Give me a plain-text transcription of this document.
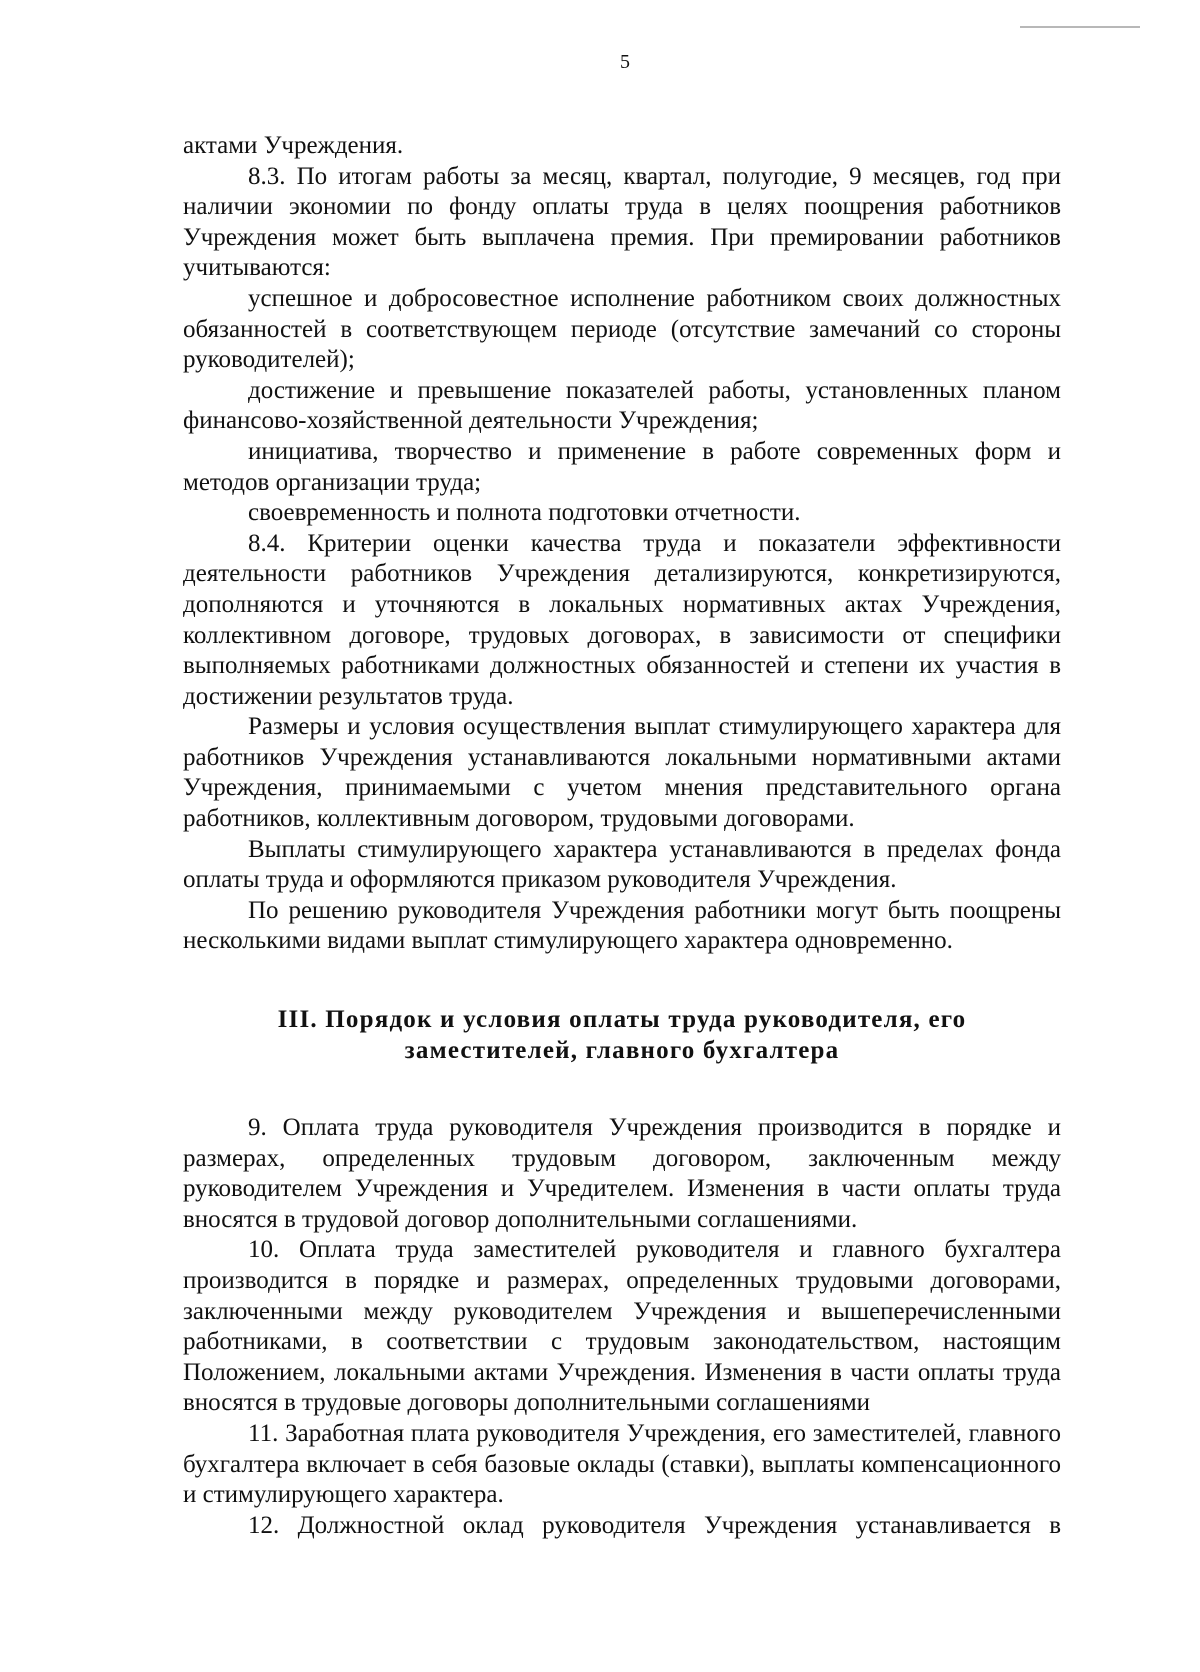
5

актами Учреждения.

8.3. По итогам работы за месяц, квартал, полугодие, 9 месяцев, год при наличии экономии по фонду оплаты труда в целях поощрения работников Учреждения может быть выплачена премия. При премировании работников учитываются:

успешное и добросовестное исполнение работником своих должностных обязанностей в соответствующем периоде (отсутствие замечаний со стороны руководителей);

достижение и превышение показателей работы, установленных планом финансово-хозяйственной деятельности Учреждения;

инициатива, творчество и применение в работе современных форм и методов организации труда;

своевременность и полнота подготовки отчетности.

8.4. Критерии оценки качества труда и показатели эффективности деятельности работников Учреждения детализируются, конкретизируются, дополняются и уточняются в локальных нормативных актах Учреждения, коллективном договоре, трудовых договорах, в зависимости от специфики выполняемых работниками должностных обязанностей и степени их участия в достижении результатов труда.

Размеры и условия осуществления выплат стимулирующего характера для работников Учреждения устанавливаются локальными нормативными актами Учреждения, принимаемыми с учетом мнения представительного органа работников, коллективным договором, трудовыми договорами.

Выплаты стимулирующего характера устанавливаются в пределах фонда оплаты труда и оформляются приказом руководителя Учреждения.

По решению руководителя Учреждения работники могут быть поощрены несколькими видами выплат стимулирующего характера одновременно.

III. Порядок и условия оплаты труда руководителя, его
заместителей, главного бухгалтера

9. Оплата труда руководителя Учреждения производится в порядке и размерах, определенных трудовым договором, заключенным между руководителем Учреждения и Учредителем. Изменения в части оплаты труда вносятся в трудовой договор дополнительными соглашениями.

10. Оплата труда заместителей руководителя и главного бухгалтера производится в порядке и размерах, определенных трудовыми договорами, заключенными между руководителем Учреждения и вышеперечисленными работниками, в соответствии с трудовым законодательством, настоящим Положением, локальными актами Учреждения. Изменения в части оплаты труда вносятся в трудовые договоры дополнительными соглашениями

11. Заработная плата руководителя Учреждения, его заместителей, главного бухгалтера включает в себя базовые оклады (ставки), выплаты компенсационного и стимулирующего характера.

12. Должностной оклад руководителя Учреждения устанавливается в
